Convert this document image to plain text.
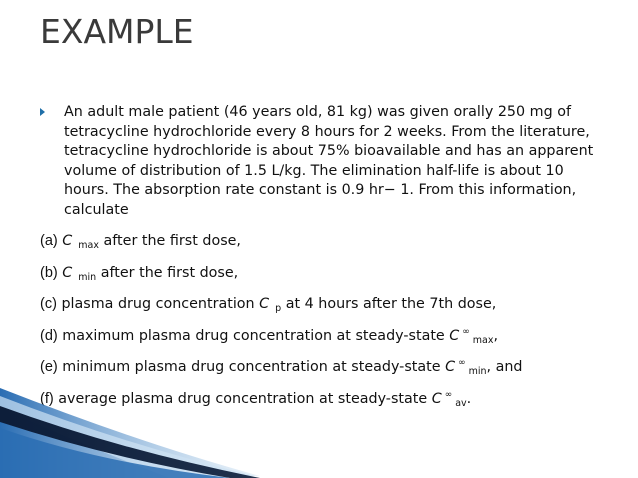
EXAMPLE
An adult male patient (46 years old, 81 kg) was given orally 250 mg of tetracycline hydrochloride every 8 hours for 2 weeks. From the literature, tetracycline hydrochloride is about 75% bioavailable and has an apparent volume of distribution of 1.5 L/kg. The elimination half-life is about 10 hours. The absorption rate constant is 0.9 hr− 1. From this information, calculate
(a) C $_{max}$ after the first dose,
(b) C $_{min}$ after the first dose,
(c) plasma drug concentration C $_p$ at 4 hours after the 7th dose,
(d) maximum plasma drug concentration at steady-state C ∞$_{max}$,
(e) minimum plasma drug concentration at steady-state C ∞$_{min}$, and
(f) average plasma drug concentration at steady-state C ∞$_{av}$.
